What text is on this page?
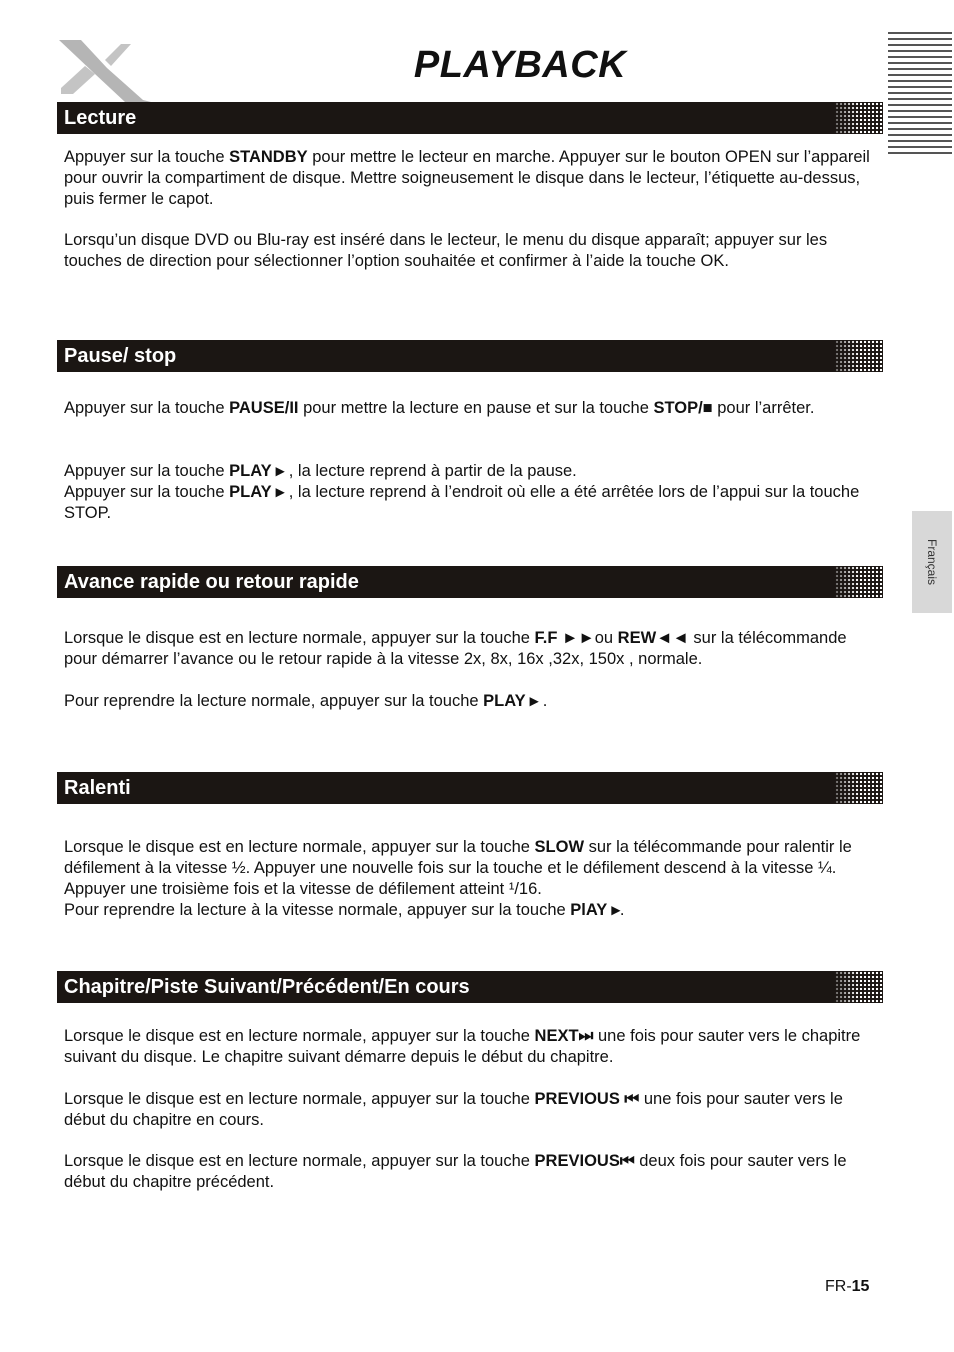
PLAYBACK
Français
Lecture

Appuyer sur la touche STANDBY pour mettre le lecteur en marche. Appuyer sur le bouton OPEN sur l’appareil pour ouvrir la compartiment de disque. Mettre soigneusement le disque dans le lecteur, l’étiquette au-dessus, puis fermer le capot.

Lorsqu’un disque DVD ou Blu-ray est inséré dans le lecteur, le menu du disque apparaît; appuyer sur les touches de direction pour sélectionner l’option souhaitée et confirmer à l’aide la touche OK.

Pause/ stop

Appuyer sur la touche PAUSE/II pour mettre la lecture en pause et sur la touche STOP/■ pour l’arrêter.

Appuyer sur la touche PLAY ▸ , la lecture reprend à partir de la pause.

Appuyer sur la touche PLAY ▸ , la lecture reprend à l’endroit où elle a été arrêtée lors de l’appui sur la touche STOP.

Avance rapide ou retour rapide

Lorsque le disque est en lecture normale, appuyer sur la touche F.F ►►ou REW◄◄ sur la télécommande pour démarrer l’avance ou le retour rapide à la vitesse 2x, 8x, 16x ,32x, 150x , normale.

Pour reprendre la lecture normale, appuyer sur la touche PLAY ▸ .

Ralenti

Lorsque le disque est en lecture normale, appuyer sur la touche SLOW sur la télécommande pour ralentir le défilement à la vitesse ½. Appuyer une nouvelle fois sur la touche et le défilement descend à la vitesse ¼. Appuyer une troisième fois et la vitesse de défilement atteint ¹/16.

Pour reprendre la lecture à la vitesse normale, appuyer sur la touche PlAY ▸.

Chapitre/Piste Suivant/Précédent/En cours

Lorsque le disque est en lecture normale, appuyer sur la touche NEXT⏭ une fois pour sauter vers le chapitre suivant du disque. Le chapitre suivant démarre depuis le début du chapitre.

Lorsque le disque est en lecture normale, appuyer sur la touche PREVIOUS ⏮ une fois pour sauter vers le début du chapitre en cours.

Lorsque le disque est en lecture normale, appuyer sur la touche PREVIOUS⏮ deux fois pour sauter vers le début du chapitre précédent.

FR-15
